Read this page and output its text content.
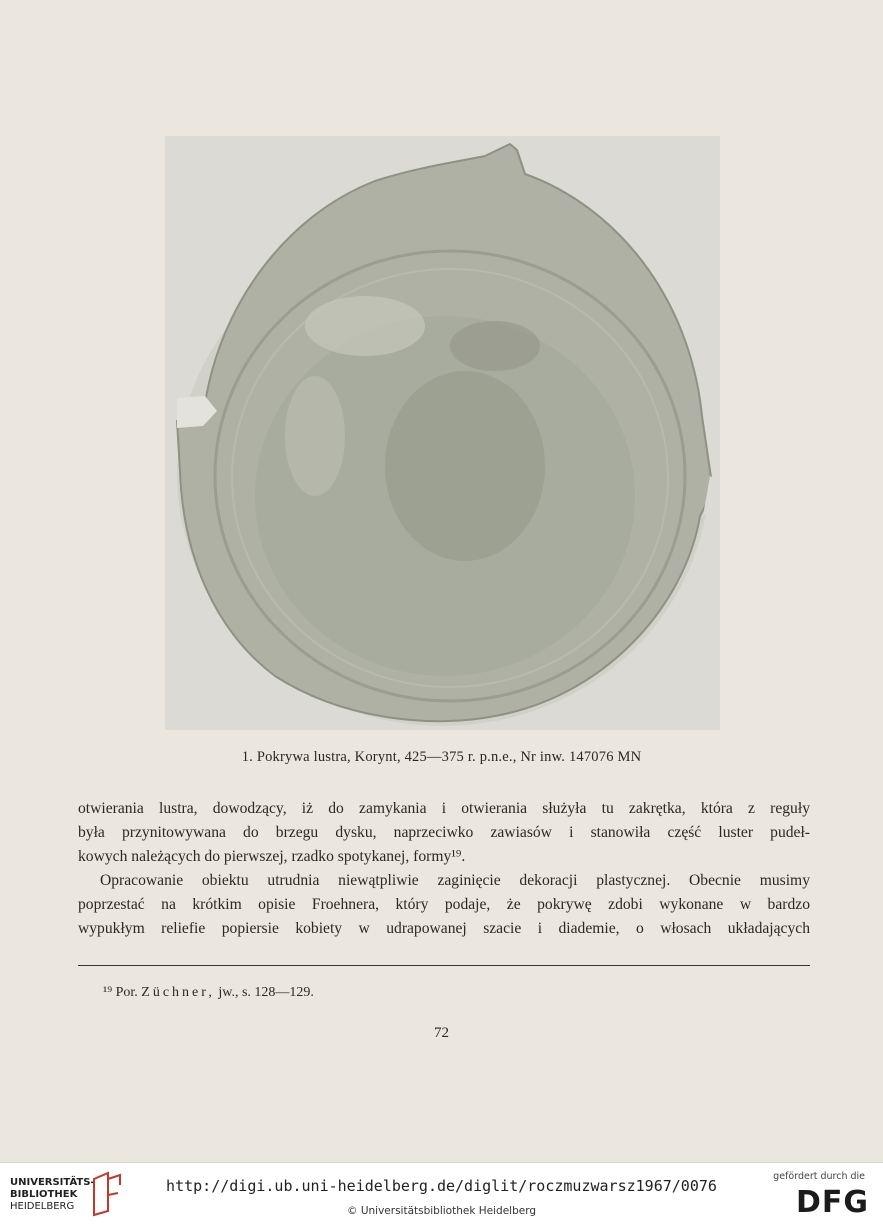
1. Pokrywa lustra, Korynt, 425—375 r. p.n.e., Nr inw. 147076 MN

otwierania lustra, dowodzący, iż do zamykania i otwierania służyła tu zakrętka, która z reguły

była przynitowywana do brzegu dysku, naprzeciwko zawiasów i stanowiła część luster pudeł-

kowych należących do pierwszej, rzadko spotykanej, formy¹⁹.

Opracowanie obiektu utrudnia niewątpliwie zaginięcie dekoracji plastycznej. Obecnie musimy

poprzestać na krótkim opisie Froehnera, który podaje, że pokrywę zdobi wykonane w bardzo

wypukłym reliefie popiersie kobiety w udrapowanej szacie i diademie, o włosach układających

¹⁹ Por. Züchner, jw., s. 128—129.
72
UNIVERSITÄTS-
BIBLIOTHEK
HEIDELBERG
http://digi.ub.uni-heidelberg.de/diglit/roczmuzwarsz1967/0076
© Universitätsbibliothek Heidelberg
gefördert durch die
DFG
